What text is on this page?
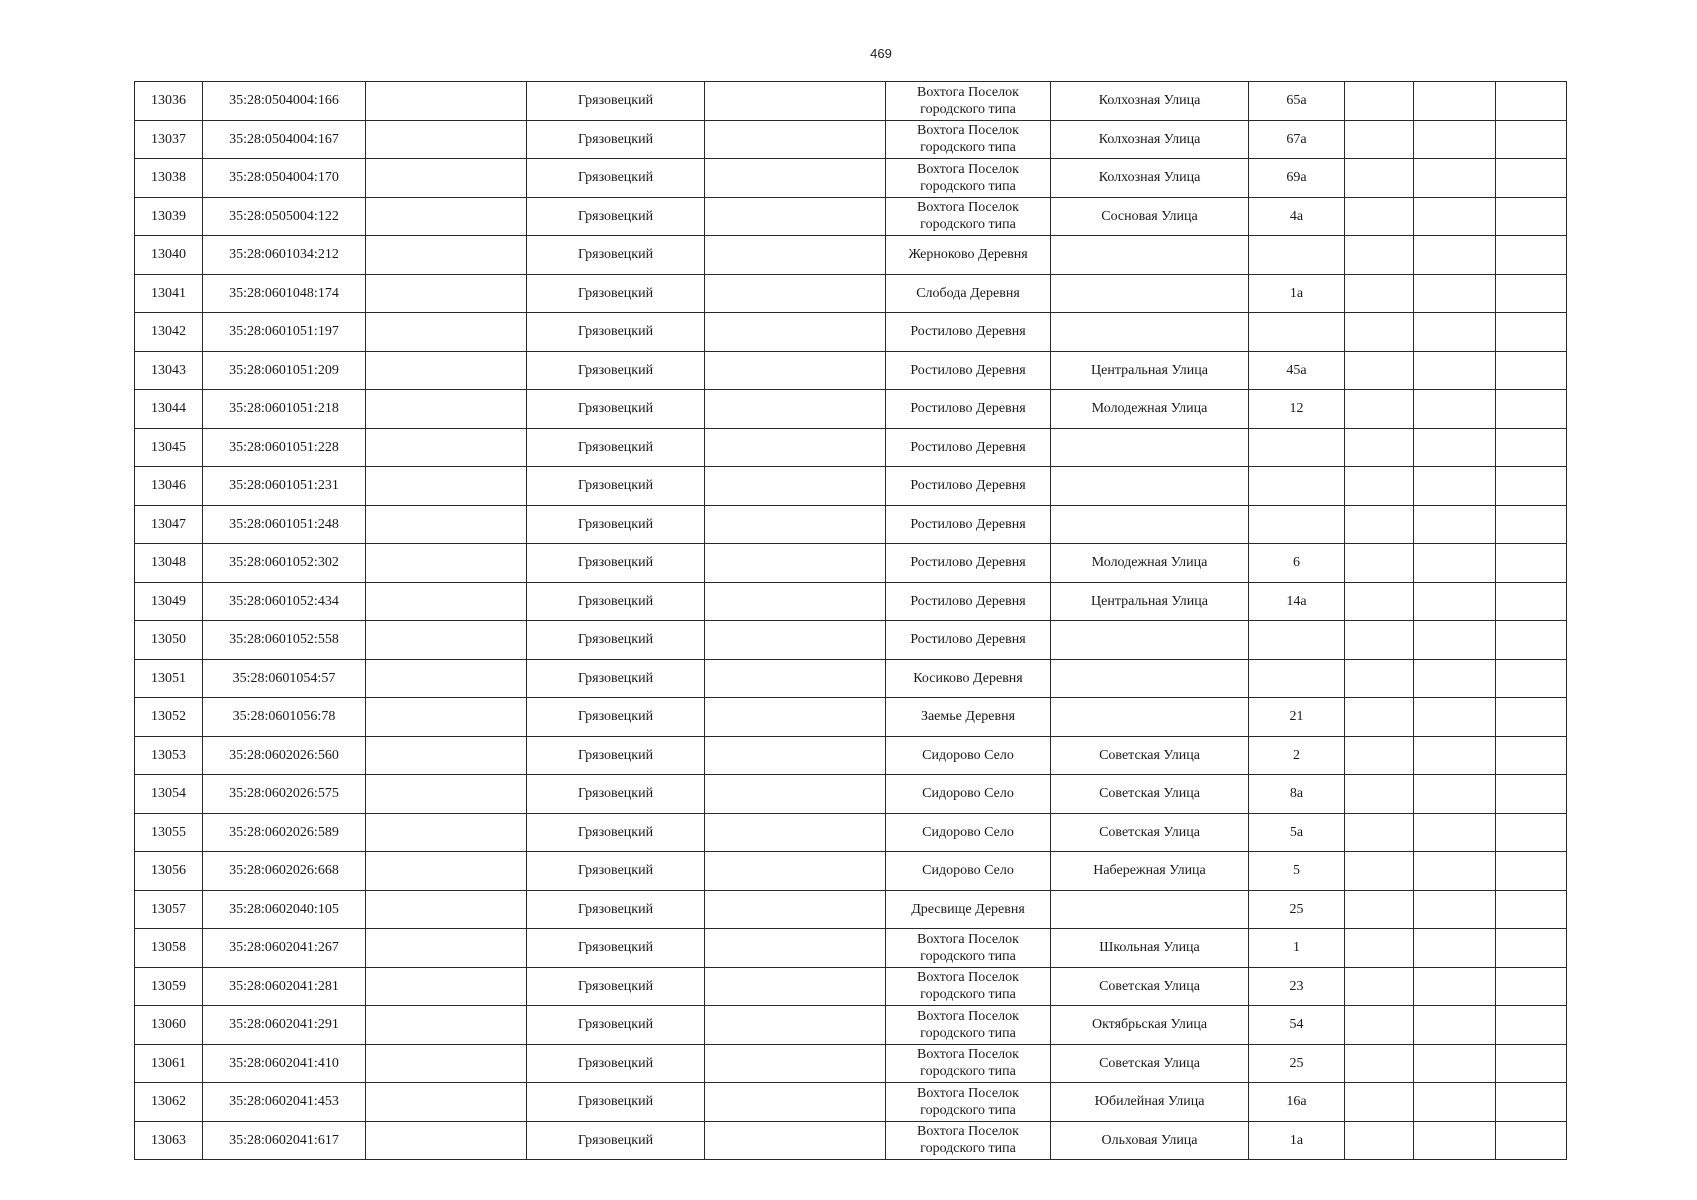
469
13036	35:28:0504004:166		Грязовецкий		Вохтога Поселок городского типа	Колхозная Улица	65а			
13037	35:28:0504004:167		Грязовецкий		Вохтога Поселок городского типа	Колхозная Улица	67а			
13038	35:28:0504004:170		Грязовецкий		Вохтога Поселок городского типа	Колхозная Улица	69а			
13039	35:28:0505004:122		Грязовецкий		Вохтога Поселок городского типа	Сосновая Улица	4а			
13040	35:28:0601034:212		Грязовецкий		Жерноково Деревня					
13041	35:28:0601048:174		Грязовецкий		Слобода Деревня		1а			
13042	35:28:0601051:197		Грязовецкий		Ростилово Деревня					
13043	35:28:0601051:209		Грязовецкий		Ростилово Деревня	Центральная Улица	45а			
13044	35:28:0601051:218		Грязовецкий		Ростилово Деревня	Молодежная Улица	12			
13045	35:28:0601051:228		Грязовецкий		Ростилово Деревня					
13046	35:28:0601051:231		Грязовецкий		Ростилово Деревня					
13047	35:28:0601051:248		Грязовецкий		Ростилово Деревня					
13048	35:28:0601052:302		Грязовецкий		Ростилово Деревня	Молодежная Улица	6			
13049	35:28:0601052:434		Грязовецкий		Ростилово Деревня	Центральная Улица	14а			
13050	35:28:0601052:558		Грязовецкий		Ростилово Деревня					
13051	35:28:0601054:57		Грязовецкий		Косиково Деревня					
13052	35:28:0601056:78		Грязовецкий		Заемье Деревня		21			
13053	35:28:0602026:560		Грязовецкий		Сидорово Село	Советская Улица	2			
13054	35:28:0602026:575		Грязовецкий		Сидорово Село	Советская Улица	8а			
13055	35:28:0602026:589		Грязовецкий		Сидорово Село	Советская Улица	5а			
13056	35:28:0602026:668		Грязовецкий		Сидорово Село	Набережная Улица	5			
13057	35:28:0602040:105		Грязовецкий		Дресвище Деревня		25			
13058	35:28:0602041:267		Грязовецкий		Вохтога Поселок городского типа	Школьная Улица	1			
13059	35:28:0602041:281		Грязовецкий		Вохтога Поселок городского типа	Советская Улица	23			
13060	35:28:0602041:291		Грязовецкий		Вохтога Поселок городского типа	Октябрьская Улица	54			
13061	35:28:0602041:410		Грязовецкий		Вохтога Поселок городского типа	Советская Улица	25			
13062	35:28:0602041:453		Грязовецкий		Вохтога Поселок городского типа	Юбилейная Улица	16а			
13063	35:28:0602041:617		Грязовецкий		Вохтога Поселок городского типа	Ольховая Улица	1а			
